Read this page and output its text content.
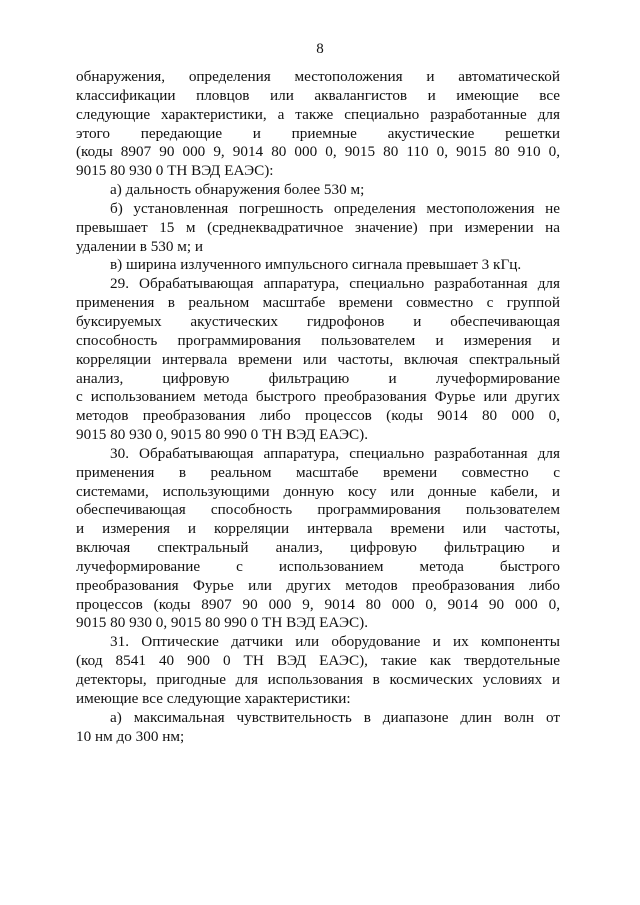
8
обнаружения, определения местоположения и автоматической
классификации пловцов или аквалангистов и имеющие все
следующие характеристики, а также специально разработанные для
этого передающие и приемные акустические решетки
(коды 8907 90 000 9, 9014 80 000 0, 9015 80 110 0, 9015 80 910 0,
9015 80 930 0 ТН ВЭД ЕАЭС):
а) дальность обнаружения более 530 м;
б) установленная погрешность определения местоположения не
превышает 15 м (среднеквадратичное значение) при измерении на
удалении в 530 м; и
в) ширина излученного импульсного сигнала превышает 3 кГц.
29. Обрабатывающая аппаратура, специально разработанная для
применения в реальном масштабе времени совместно с группой
буксируемых акустических гидрофонов и обеспечивающая
способность программирования пользователем и измерения и
корреляции интервала времени или частоты, включая спектральный
анализ, цифровую фильтрацию и лучеформирование
с использованием метода быстрого преобразования Фурье или других
методов преобразования либо процессов (коды 9014 80 000 0,
9015 80 930 0, 9015 80 990 0 ТН ВЭД ЕАЭС).
30. Обрабатывающая аппаратура, специально разработанная для
применения в реальном масштабе времени совместно с
системами, использующими донную косу или донные кабели, и
обеспечивающая способность программирования пользователем
и измерения и корреляции интервала времени или частоты,
включая спектральный анализ, цифровую фильтрацию и
лучеформирование с использованием метода быстрого
преобразования Фурье или других методов преобразования либо
процессов (коды 8907 90 000 9, 9014 80 000 0, 9014 90 000 0,
9015 80 930 0, 9015 80 990 0 ТН ВЭД ЕАЭС).
31. Оптические датчики или оборудование и их компоненты
(код 8541 40 900 0 ТН ВЭД ЕАЭС), такие как твердотельные
детекторы, пригодные для использования в космических условиях и
имеющие все следующие характеристики:
а) максимальная чувствительность в диапазоне длин волн от
10 нм до 300 нм;
